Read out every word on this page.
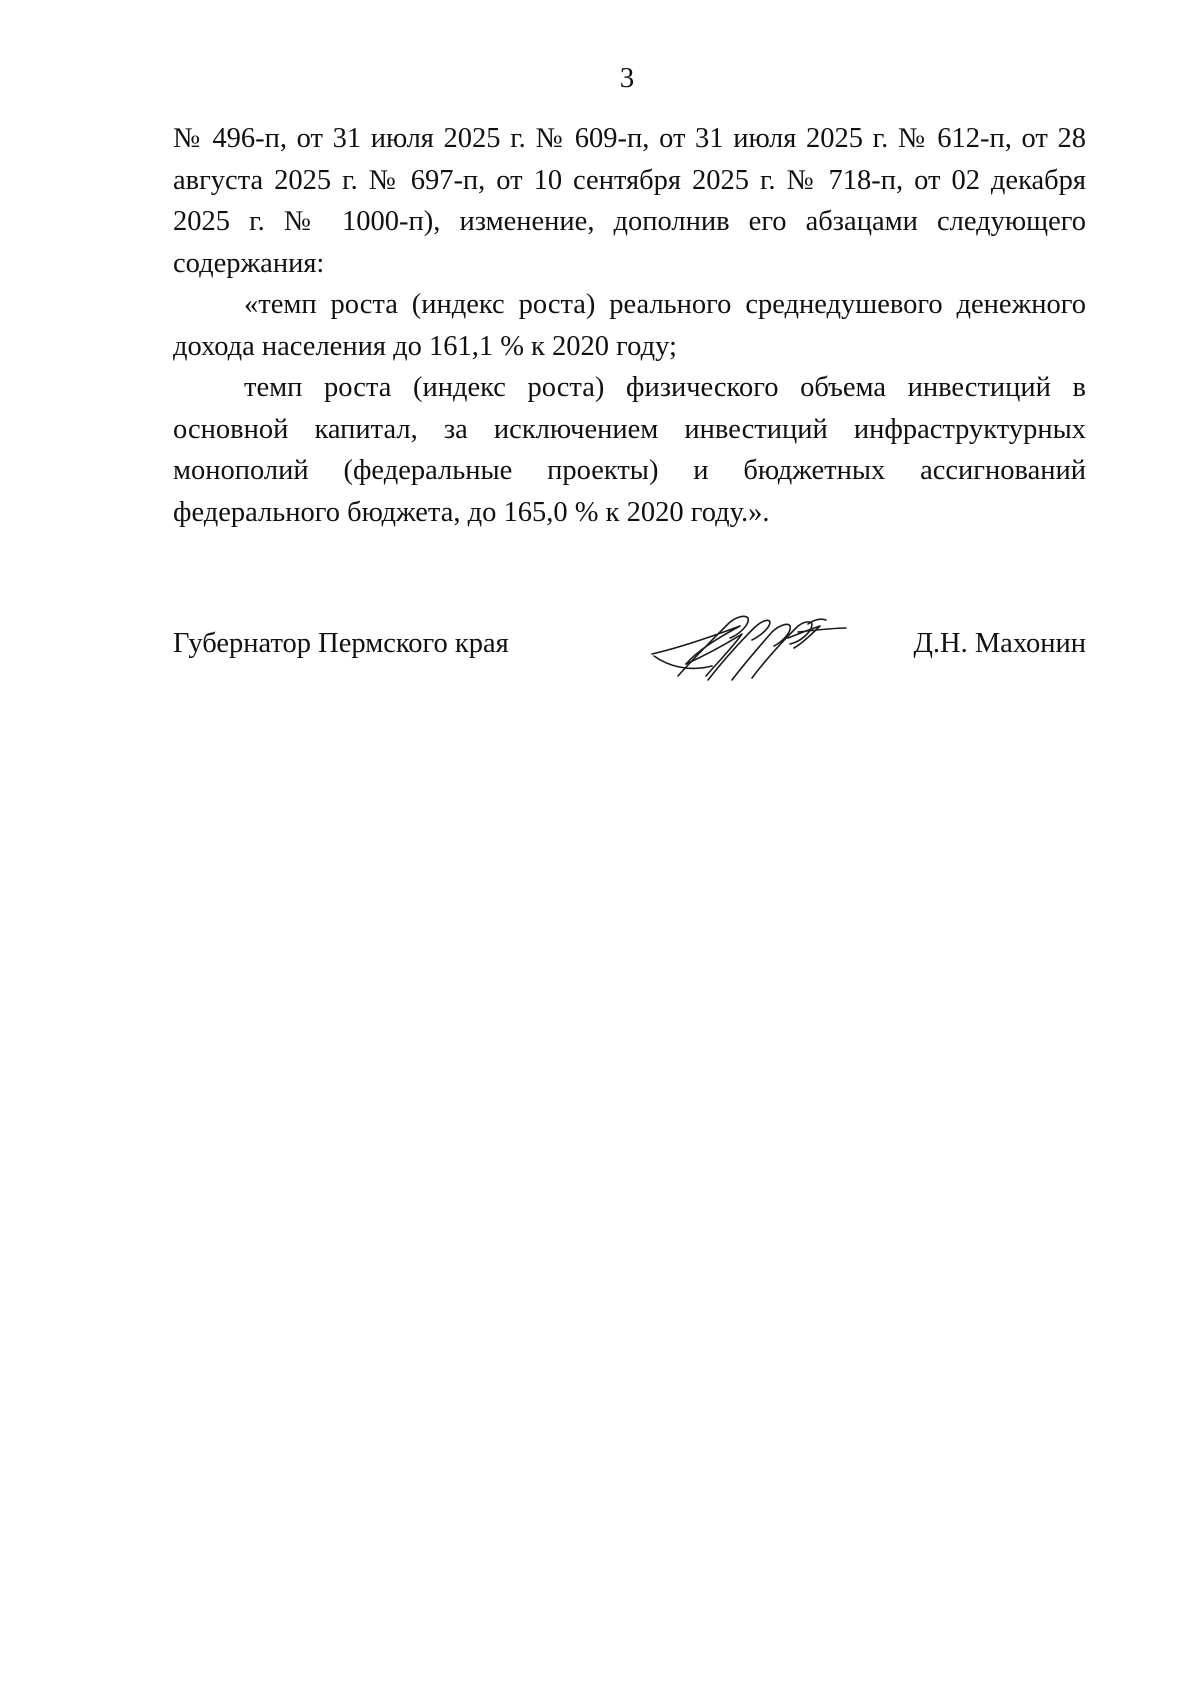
3

№ 496-п, от 31 июля 2025 г. № 609-п, от 31 июля 2025 г. № 612-п, от 28 августа 2025 г. № 697-п, от 10 сентября 2025 г. № 718-п, от 02 декабря 2025 г. № 1000-п), изменение, дополнив его абзацами следующего содержания:

«темп роста (индекс роста) реального среднедушевого денежного дохода населения до 161,1 % к 2020 году;

темп роста (индекс роста) физического объема инвестиций в основной капитал, за исключением инвестиций инфраструктурных монополий (федеральные проекты) и бюджетных ассигнований федерального бюджета, до 165,0 % к 2020 году.».

Губернатор Пермского края	Д.Н. Махонин
